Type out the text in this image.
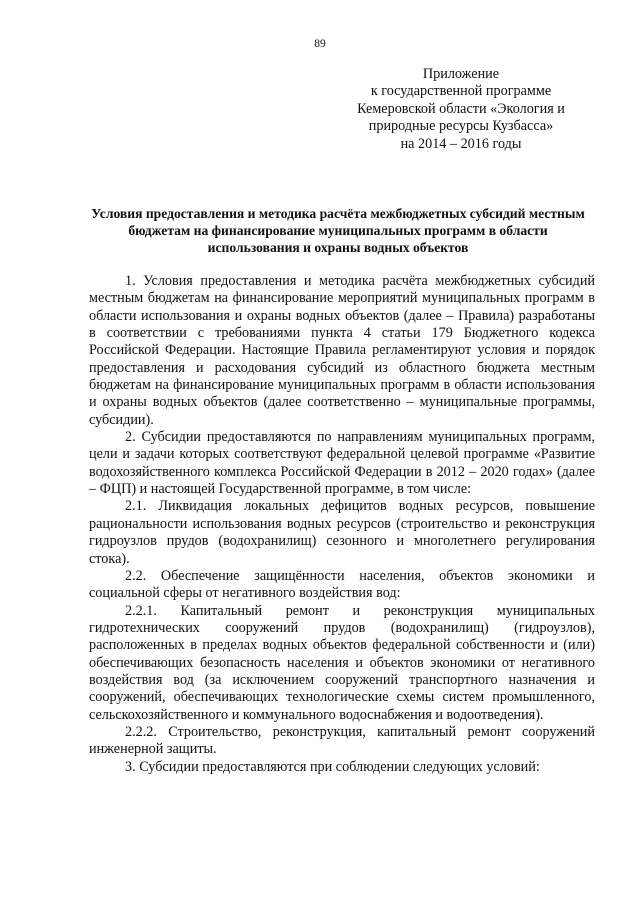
89
Приложение
к государственной программе
Кемеровской области «Экология и
природные ресурсы Кузбасса»
на 2014 – 2016 годы
Условия предоставления и методика расчёта межбюджетных субсидий местным бюджетам на финансирование муниципальных программ в области использования и охраны водных объектов

1. Условия предоставления и методика расчёта межбюджетных субсидий местным бюджетам на финансирование мероприятий муниципальных программ в области использования и охраны водных объектов (далее – Правила) разработаны в соответствии с требованиями пункта 4 статьи 179 Бюджетного кодекса Российской Федерации. Настоящие Правила регламентируют условия и порядок предоставления и расходования субсидий из областного бюджета местным бюджетам на финансирование муниципальных программ в области использования и охраны водных объектов (далее соответственно – муниципальные программы, субсидии).

2. Субсидии предоставляются по направлениям муниципальных программ, цели и задачи которых соответствуют федеральной целевой программе «Развитие водохозяйственного комплекса Российской Федерации в 2012 – 2020 годах» (далее – ФЦП) и настоящей Государственной программе, в том числе:

2.1. Ликвидация локальных дефицитов водных ресурсов, повышение рациональности использования водных ресурсов (строительство и реконструкция гидроузлов прудов (водохранилищ) сезонного и многолетнего регулирования стока).

2.2. Обеспечение защищённости населения, объектов экономики и социальной сферы от негативного воздействия вод:

2.2.1. Капитальный ремонт и реконструкция муниципальных гидротехнических сооружений прудов (водохранилищ) (гидроузлов), расположенных в пределах водных объектов федеральной собственности и (или) обеспечивающих безопасность населения и объектов экономики от негативного воздействия вод (за исключением сооружений транспортного назначения и сооружений, обеспечивающих технологические схемы систем промышленного, сельскохозяйственного и коммунального водоснабжения и водоотведения).

2.2.2. Строительство, реконструкция, капитальный ремонт сооружений инженерной защиты.

3. Субсидии предоставляются при соблюдении следующих условий:
